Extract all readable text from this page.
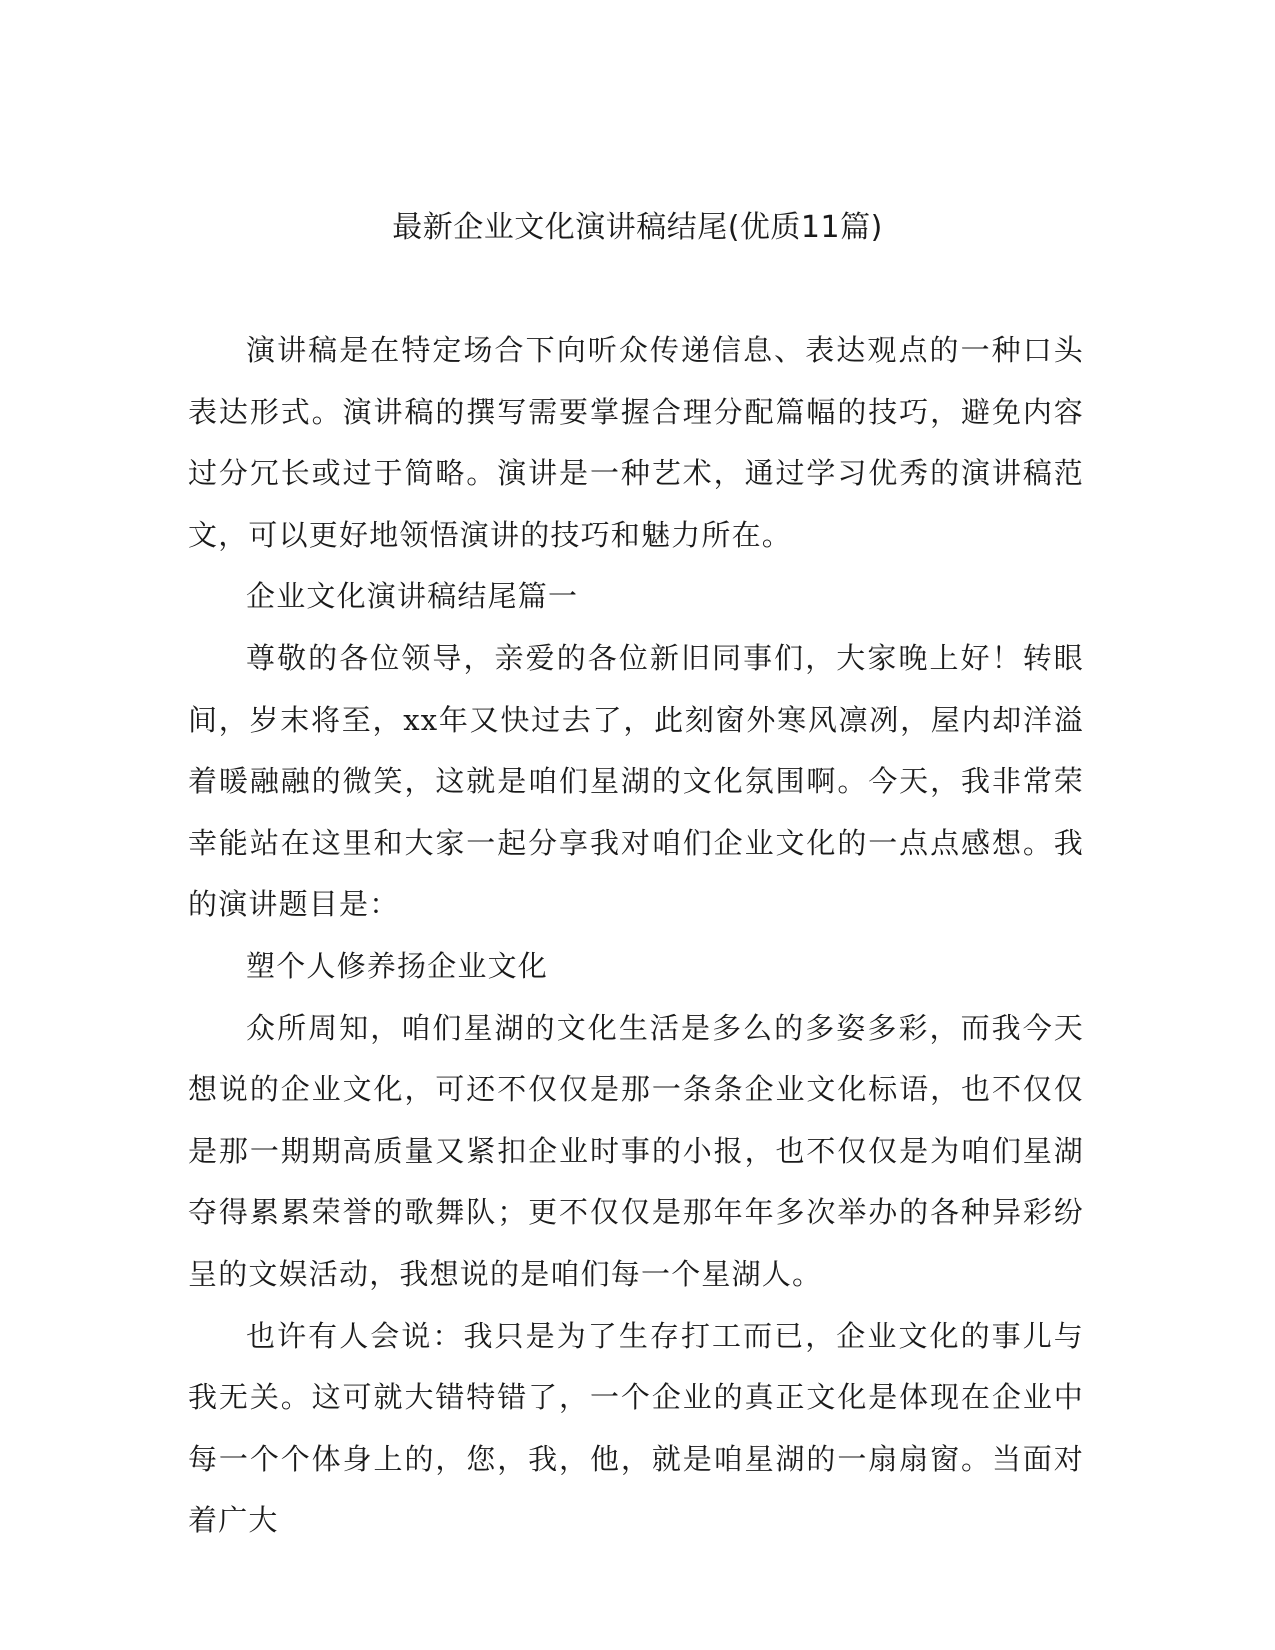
最新企业文化演讲稿结尾(优质11篇)

演讲稿是在特定场合下向听众传递信息、表达观点的一种口头表达形式。演讲稿的撰写需要掌握合理分配篇幅的技巧，避免内容过分冗长或过于简略。演讲是一种艺术，通过学习优秀的演讲稿范文，可以更好地领悟演讲的技巧和魅力所在。

企业文化演讲稿结尾篇一

尊敬的各位领导，亲爱的各位新旧同事们，大家晚上好！转眼间，岁末将至，xx年又快过去了，此刻窗外寒风凛冽，屋内却洋溢着暖融融的微笑，这就是咱们星湖的文化氛围啊。今天，我非常荣幸能站在这里和大家一起分享我对咱们企业文化的一点点感想。我的演讲题目是：

塑个人修养扬企业文化

众所周知，咱们星湖的文化生活是多么的多姿多彩，而我今天想说的企业文化，可还不仅仅是那一条条企业文化标语，也不仅仅是那一期期高质量又紧扣企业时事的小报，也不仅仅是为咱们星湖夺得累累荣誉的歌舞队；更不仅仅是那年年多次举办的各种异彩纷呈的文娱活动，我想说的是咱们每一个星湖人。

也许有人会说：我只是为了生存打工而已，企业文化的事儿与我无关。这可就大错特错了，一个企业的真正文化是体现在企业中每一个个体身上的，您，我，他，就是咱星湖的一扇扇窗。当面对着广大
